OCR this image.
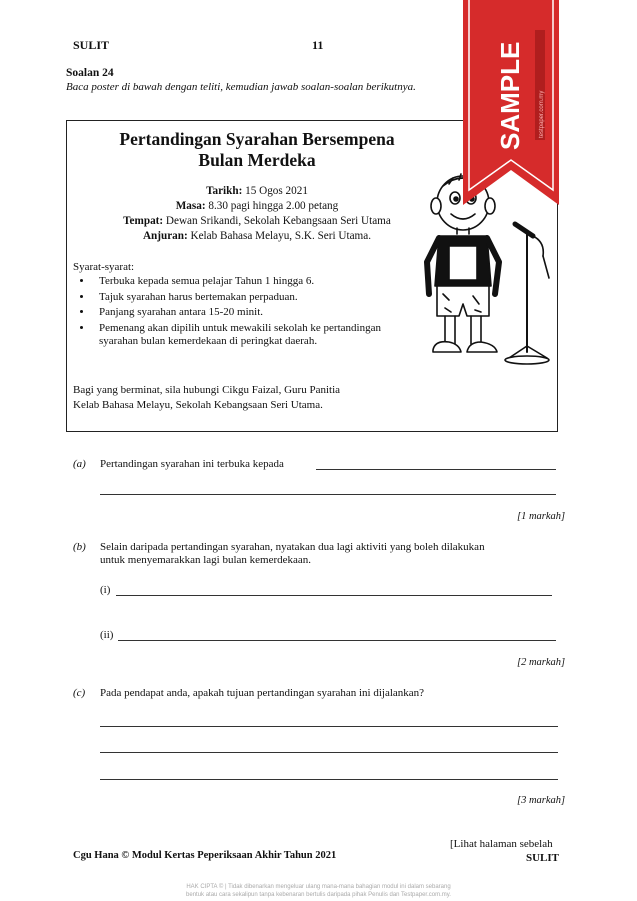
SULIT	11
Soalan 24
Baca poster di bawah dengan teliti, kemudian jawab soalan-soalan berikutnya.
Pertandingan Syarahan Bersempena
Bulan Merdeka
Tarikh: 15 Ogos 2021
Masa: 8.30 pagi hingga 2.00 petang
Tempat: Dewan Srikandi, Sekolah Kebangsaan Seri Utama
Anjuran: Kelab Bahasa Melayu, S.K. Seri Utama.
Syarat-syarat:
• Terbuka kepada semua pelajar Tahun 1 hingga 6.
• Tajuk syarahan harus bertemakan perpaduan.
• Panjang syarahan antara 15-20 minit.
• Pemenang akan dipilih untuk mewakili sekolah ke pertandingan syarahan bulan kemerdekaan di peringkat daerah.
Bagi yang berminat, sila hubungi Cikgu Faizal, Guru Panitia
Kelab Bahasa Melayu, Sekolah Kebangsaan Seri Utama.
(a) Pertandingan syarahan ini terbuka kepada
[1 markah]
(b) Selain daripada pertandingan syarahan, nyatakan dua lagi aktiviti yang boleh dilakukan
untuk menyemarakkan lagi bulan kemerdekaan.
(i)
(ii)
[2 markah]
(c) Pada pendapat anda, apakah tujuan pertandingan syarahan ini dijalankan?
[3 markah]
Cgu Hana © Modul Kertas Peperiksaan Akhir Tahun 2021
[Lihat halaman sebelah
SULIT
HAK CIPTA © | Tidak dibenarkan mengeluar ulang mana-mana bahagian modul ini dalam sebarang
bentuk atau cara sekalipun tanpa kebenaran bertulis daripada pihak Penulis dan Testpaper.com.my.
SAMPLE testpaper.com.my
